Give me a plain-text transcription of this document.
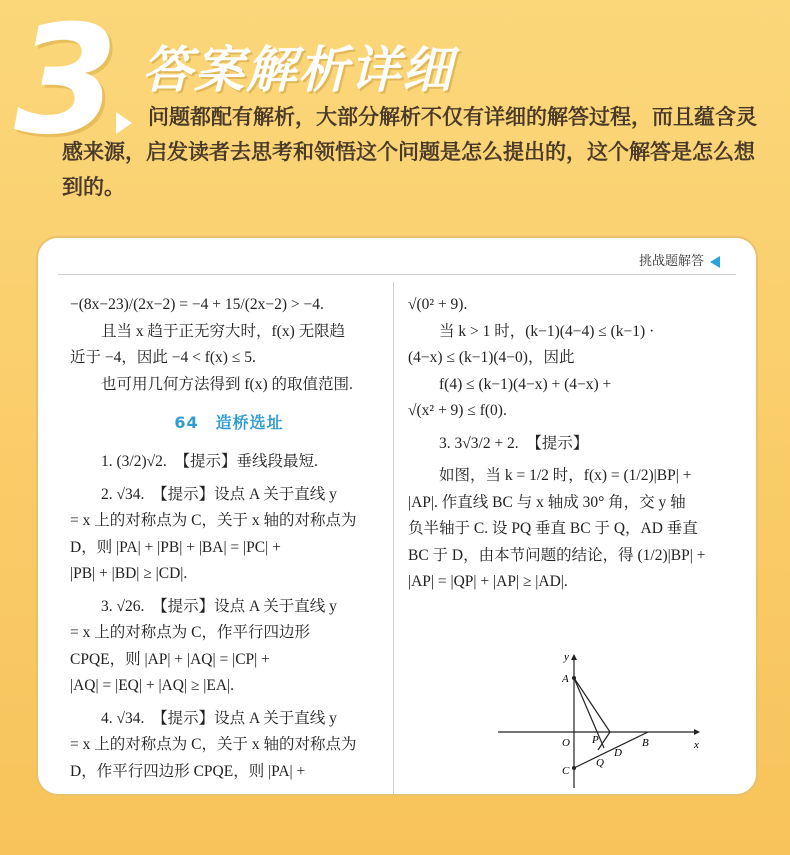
3 答案解析详细
问题都配有解析，大部分解析不仅有详细的解答过程，而且蕴含灵感来源，启发读者去思考和领悟这个问题是怎么提出的，这个解答是怎么想到的。
挑战题解答
−(8x−23)/(2x−2) = −4 + 15/(2x−2) > −4.
且当 x 趋于正无穷大时，f(x) 无限趋
近于 −4，因此 −4 < f(x) ≤ 5.
也可用几何方法得到 f(x) 的取值范围.
64　造桥选址
1. (3/2)√2.　【提示】垂线段最短.
2. √34.　【提示】设点 A 关于直线 y
= x 上的对称点为 C，关于 x 轴的对称点为
D，则 |PA| + |PB| + |BA| = |PC| +
|PB| + |BD| ≥ |CD|.
3. √26.　【提示】设点 A 关于直线 y
= x 上的对称点为 C，作平行四边形
CPQE，则 |AP| + |AQ| = |CP| +
|AQ| = |EQ| + |AQ| ≥ |EA|.
4. √34.　【提示】设点 A 关于直线 y
= x 上的对称点为 C，关于 x 轴的对称点为
D，作平行四边形 CPQE，则 |PA| +
√(0² + 9).
当 k > 1 时，(k−1)(4−4) ≤ (k−1) ·
(4−x) ≤ (k−1)(4−0)，因此
f(4) ≤ (k−1)(4−x) + (4−x) +
√(x² + 9) ≤ f(0).
3. 3√3/2 + 2.　【提示】
如图，当 k = 1/2 时，f(x) = (1/2)|BP| +
|AP|. 作直线 BC 与 x 轴成 30° 角，交 y 轴
负半轴于 C. 设 PQ 垂直 BC 于 Q，AD 垂直
BC 于 D，由本节问题的结论，得 (1/2)|BP| +
|AP| = |QP| + |AP| ≥ |AD|.
y
x
A
O P	B
D
Q
C
